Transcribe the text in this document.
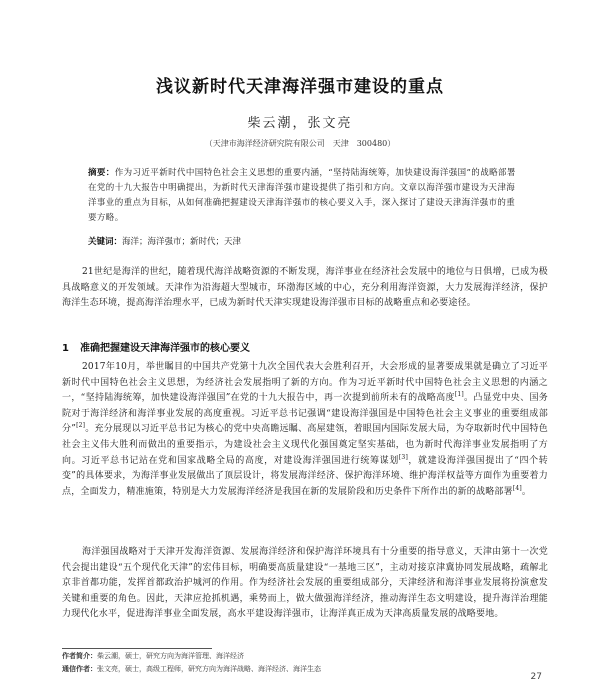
浅议新时代天津海洋强市建设的重点
柴云潮，张文亮
（天津市海洋经济研究院有限公司　天津　300480）
摘要：作为习近平新时代中国特色社会主义思想的重要内涵，“坚持陆海统筹，加快建设海洋强国”的战略部署在党的十九大报告中明确提出，为新时代天津海洋强市建设提供了指引和方向。文章以海洋强市建设为天津海洋事业的重点为目标，从如何准确把握建设天津海洋强市的核心要义入手，深入探讨了建设天津海洋强市的重要方略。
关键词：海洋；海洋强市；新时代；天津
21世纪是海洋的世纪，随着现代海洋战略资源的不断发现，海洋事业在经济社会发展中的地位与日俱增，已成为极具战略意义的开发领域。天津作为沿海超大型城市，环渤海区域的中心，充分利用海洋资源，大力发展海洋经济，保护海洋生态环境，提高海洋治理水平，已成为新时代天津实现建设海洋强市目标的战略重点和必要途径。
1 准确把握建设天津海洋强市的核心要义
2017年10月，举世瞩目的中国共产党第十九次全国代表大会胜利召开，大会形成的显著要成果就是确立了习近平新时代中国特色社会主义思想，为经济社会发展指明了新的方向。作为习近平新时代中国特色社会主义思想的内涵之一，“坚持陆海统筹，加快建设海洋强国”在党的十九大报告中，再一次提到前所未有的战略高度[1]。凸显党中央、国务院对于海洋经济和海洋事业发展的高度重视。习近平总书记强调“建设海洋强国是中国特色社会主义事业的重要组成部分”[2]。充分展现以习近平总书记为核心的党中央高瞻远瞩、高屋建瓴，着眼国内国际发展大局，为夺取新时代中国特色社会主义伟大胜利而做出的重要指示，为建设社会主义现代化强国奠定坚实基础，也为新时代海洋事业发展指明了方向。习近平总书记站在党和国家战略全局的高度，对建设海洋强国进行统筹谋划[3]，就建设海洋强国提出了“四个转变”的具体要求，为海洋事业发展做出了顶层设计，将发展海洋经济、保护海洋环境、维护海洋权益等方面作为重要着力点，全面发力，精准施策，特别是大力发展海洋经济是我国在新的发展阶段和历史条件下所作出的新的战略部署[4]。
海洋强国战略对于天津开发海洋资源、发展海洋经济和保护海洋环境具有十分重要的指导意义，天津由第十一次党代会提出建设“五个现代化天津”的宏伟目标，明确要高质量建设“一基地三区”，主动对接京津冀协同发展战略，疏解北京非首都功能，发挥首都政治护城河的作用。作为经济社会发展的重要组成部分，天津经济和海洋事业发展将扮演愈发关键和重要的角色。因此，天津应抢抓机遇，乘势而上，做大做强海洋经济，推动海洋生态文明建设，提升海洋治理能力现代化水平，促进海洋事业全面发展，高水平建设海洋强市，让海洋真正成为天津高质量发展的战略要地。
作者简介：柴云潮，硕士，研究方向为海洋管理、海洋经济
通信作者：张文亮，硕士，高级工程师，研究方向为海洋战略、海洋经济、海洋生态
27
